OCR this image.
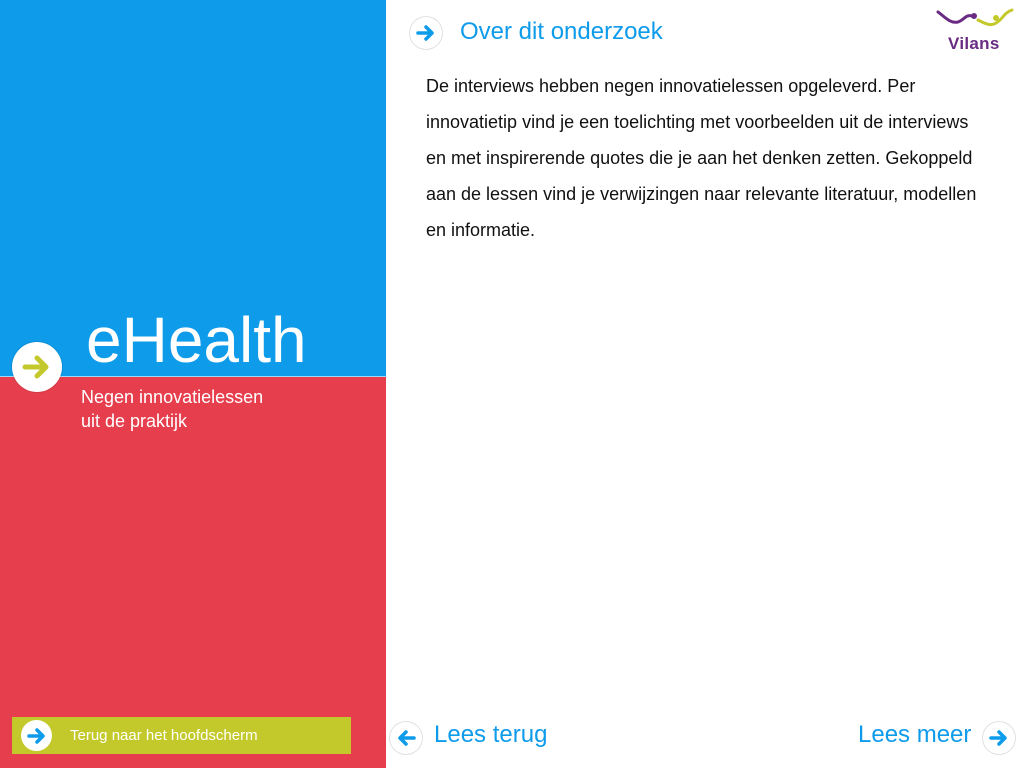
eHealth
Negen innovatielessen
uit de praktijk
Terug naar het hoofdscherm
Over dit onderzoek	Vilans
De interviews hebben negen innovatielessen opgeleverd. Per innovatietip vind je een toelichting met voorbeelden uit de interviews en met inspirerende quotes die je aan het denken zetten. Gekoppeld aan de lessen vind je verwijzingen naar relevante literatuur, modellen en informatie.
Lees terug	Lees meer
